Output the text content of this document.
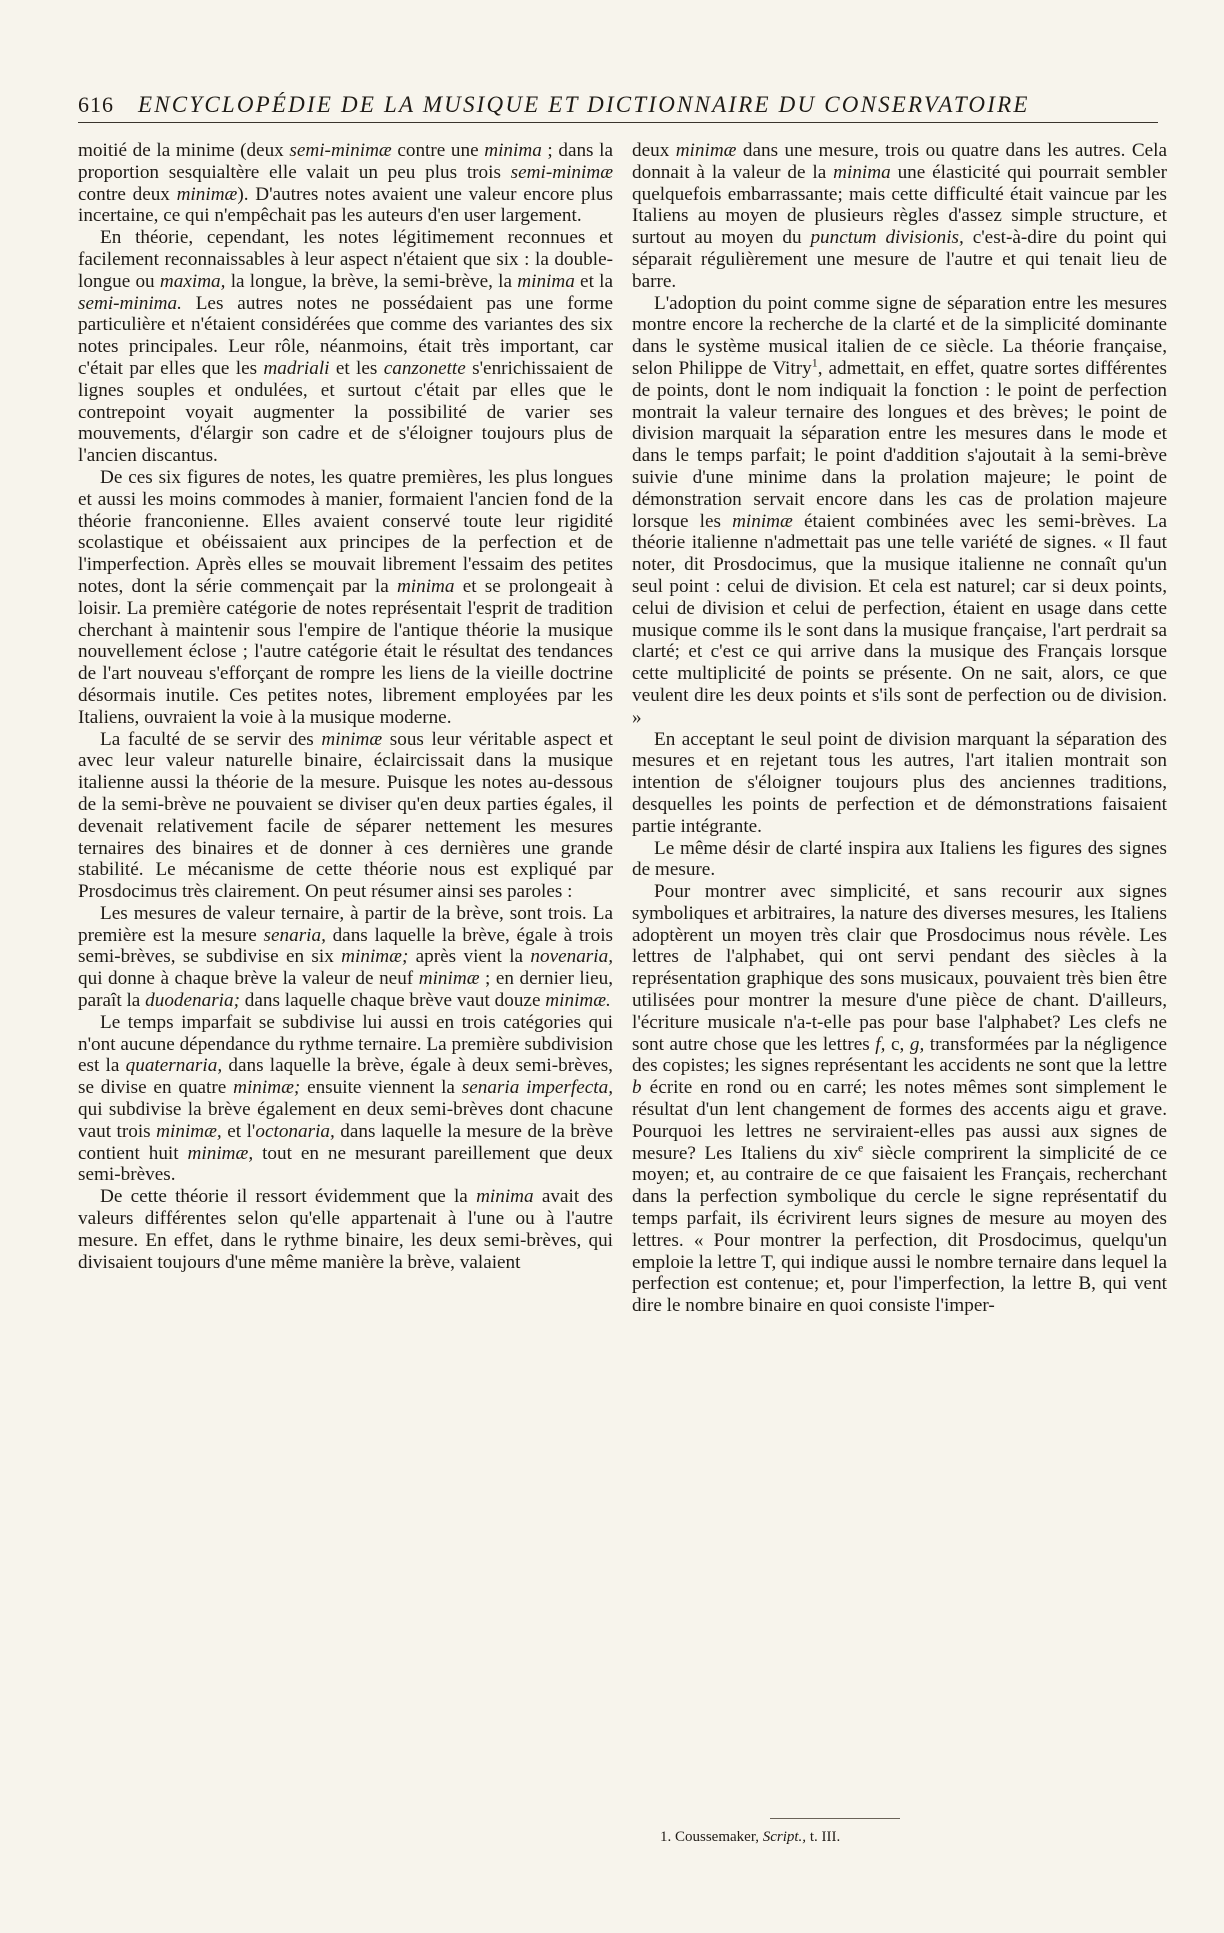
616	ENCYCLOPÉDIE DE LA MUSIQUE ET DICTIONNAIRE DU CONSERVATOIRE

moitié de la minime (deux semi-minimæ contre une minima ; dans la proportion sesquialtère elle valait un peu plus trois semi-minimæ contre deux minimæ). D'autres notes avaient une valeur encore plus incertaine, ce qui n'empêchait pas les auteurs d'en user largement.

En théorie, cependant, les notes légitimement reconnues et facilement reconnaissables à leur aspect n'étaient que six : la double-longue ou maxima, la longue, la brève, la semi-brève, la minima et la semi-minima. Les autres notes ne possédaient pas une forme particulière et n'étaient considérées que comme des variantes des six notes principales. Leur rôle, néanmoins, était très important, car c'était par elles que les madriali et les canzonette s'enrichissaient de lignes souples et ondulées, et surtout c'était par elles que le contrepoint voyait augmenter la possibilité de varier ses mouvements, d'élargir son cadre et de s'éloigner toujours plus de l'ancien discantus.

De ces six figures de notes, les quatre premières, les plus longues et aussi les moins commodes à manier, formaient l'ancien fond de la théorie franconienne. Elles avaient conservé toute leur rigidité scolastique et obéissaient aux principes de la perfection et de l'imperfection. Après elles se mouvait librement l'essaim des petites notes, dont la série commençait par la minima et se prolongeait à loisir. La première catégorie de notes représentait l'esprit de tradition cherchant à maintenir sous l'empire de l'antique théorie la musique nouvellement éclose ; l'autre catégorie était le résultat des tendances de l'art nouveau s'efforçant de rompre les liens de la vieille doctrine désormais inutile. Ces petites notes, librement employées par les Italiens, ouvraient la voie à la musique moderne.

La faculté de se servir des minimæ sous leur véritable aspect et avec leur valeur naturelle binaire, éclaircissait dans la musique italienne aussi la théorie de la mesure. Puisque les notes au-dessous de la semi-brève ne pouvaient se diviser qu'en deux parties égales, il devenait relativement facile de séparer nettement les mesures ternaires des binaires et de donner à ces dernières une grande stabilité. Le mécanisme de cette théorie nous est expliqué par Prosdocimus très clairement. On peut résumer ainsi ses paroles :

Les mesures de valeur ternaire, à partir de la brève, sont trois. La première est la mesure senaria, dans laquelle la brève, égale à trois semi-brèves, se subdivise en six minimæ; après vient la novenaria, qui donne à chaque brève la valeur de neuf minimæ ; en dernier lieu, paraît la duodenaria; dans laquelle chaque brève vaut douze minimæ.

Le temps imparfait se subdivise lui aussi en trois catégories qui n'ont aucune dépendance du rythme ternaire. La première subdivision est la quaternaria, dans laquelle la brève, égale à deux semi-brèves, se divise en quatre minimæ; ensuite viennent la senaria imperfecta, qui subdivise la brève également en deux semi-brèves dont chacune vaut trois minimæ, et l'octonaria, dans laquelle la mesure de la brève contient huit minimæ, tout en ne mesurant pareillement que deux semi-brèves.

De cette théorie il ressort évidemment que la minima avait des valeurs différentes selon qu'elle appartenait à l'une ou à l'autre mesure. En effet, dans le rythme binaire, les deux semi-brèves, qui divisaient toujours d'une même manière la brève, valaient

deux minimæ dans une mesure, trois ou quatre dans les autres. Cela donnait à la valeur de la minima une élasticité qui pourrait sembler quelquefois embarrassante; mais cette difficulté était vaincue par les Italiens au moyen de plusieurs règles d'assez simple structure, et surtout au moyen du punctum divisionis, c'est-à-dire du point qui séparait régulièrement une mesure de l'autre et qui tenait lieu de barre.

L'adoption du point comme signe de séparation entre les mesures montre encore la recherche de la clarté et de la simplicité dominante dans le système musical italien de ce siècle. La théorie française, selon Philippe de Vitry$^1$, admettait, en effet, quatre sortes différentes de points, dont le nom indiquait la fonction : le point de perfection montrait la valeur ternaire des longues et des brèves; le point de division marquait la séparation entre les mesures dans le mode et dans le temps parfait; le point d'addition s'ajoutait à la semi-brève suivie d'une minime dans la prolation majeure; le point de démonstration servait encore dans les cas de prolation majeure lorsque les minimæ étaient combinées avec les semi-brèves. La théorie italienne n'admettait pas une telle variété de signes. « Il faut noter, dit Prosdocimus, que la musique italienne ne connaît qu'un seul point : celui de division. Et cela est naturel; car si deux points, celui de division et celui de perfection, étaient en usage dans cette musique comme ils le sont dans la musique française, l'art perdrait sa clarté; et c'est ce qui arrive dans la musique des Français lorsque cette multiplicité de points se présente. On ne sait, alors, ce que veulent dire les deux points et s'ils sont de perfection ou de division. »

En acceptant le seul point de division marquant la séparation des mesures et en rejetant tous les autres, l'art italien montrait son intention de s'éloigner toujours plus des anciennes traditions, desquelles les points de perfection et de démonstrations faisaient partie intégrante.

Le même désir de clarté inspira aux Italiens les figures des signes de mesure.

Pour montrer avec simplicité, et sans recourir aux signes symboliques et arbitraires, la nature des diverses mesures, les Italiens adoptèrent un moyen très clair que Prosdocimus nous révèle. Les lettres de l'alphabet, qui ont servi pendant des siècles à la représentation graphique des sons musicaux, pouvaient très bien être utilisées pour montrer la mesure d'une pièce de chant. D'ailleurs, l'écriture musicale n'a-t-elle pas pour base l'alphabet? Les clefs ne sont autre chose que les lettres f, c, g, transformées par la négligence des copistes; les signes représentant les accidents ne sont que la lettre b écrite en rond ou en carré; les notes mêmes sont simplement le résultat d'un lent changement de formes des accents aigu et grave. Pourquoi les lettres ne serviraient-elles pas aussi aux signes de mesure? Les Italiens du xiv$^e$ siècle comprirent la simplicité de ce moyen; et, au contraire de ce que faisaient les Français, recherchant dans la perfection symbolique du cercle le signe représentatif du temps parfait, ils écrivirent leurs signes de mesure au moyen des lettres. « Pour montrer la perfection, dit Prosdocimus, quelqu'un emploie la lettre T, qui indique aussi le nombre ternaire dans lequel la perfection est contenue; et, pour l'imperfection, la lettre B, qui vent dire le nombre binaire en quoi consiste l'imper-

1. Coussemaker, Script., t. III.
